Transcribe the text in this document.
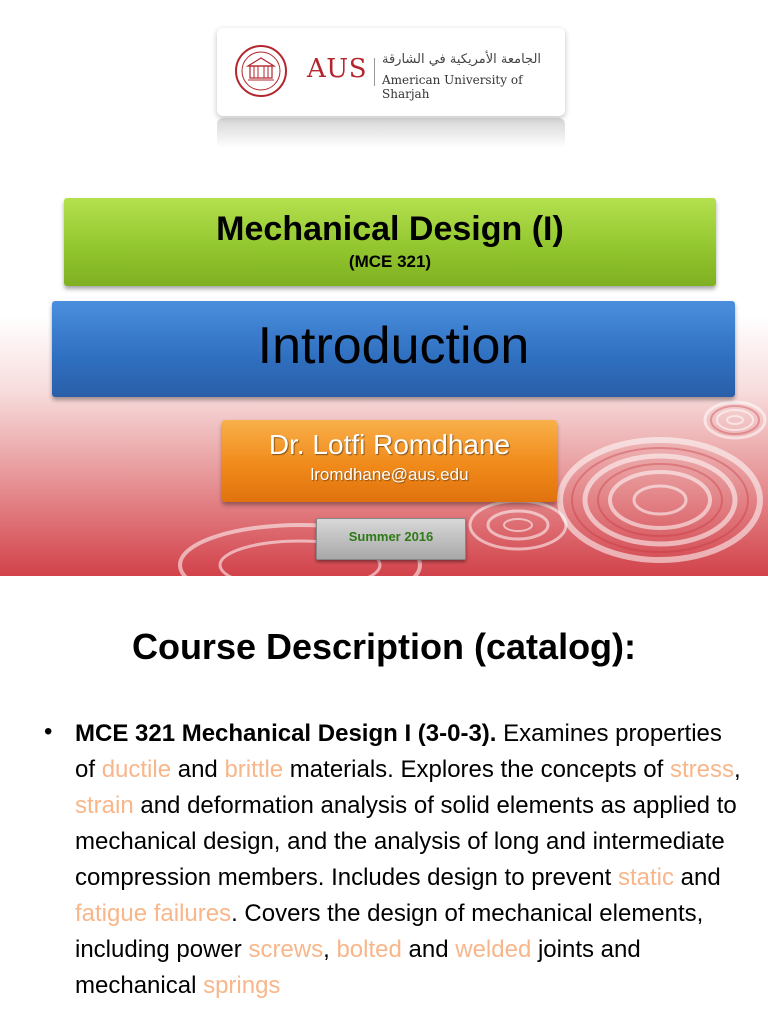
AUS الجامعة الأمريكية في الشارقة
American University of Sharjah
Mechanical Design (I)
(MCE 321)
Introduction
Dr. Lotfi Romdhane
lromdhane@aus.edu
Summer 2016
Course Description (catalog):
• MCE 321 Mechanical Design I (3-0-3). Examines properties of ductile and brittle materials. Explores the concepts of stress, strain and deformation analysis of solid elements as applied to mechanical design, and the analysis of long and intermediate compression members. Includes design to prevent static and fatigue failures. Covers the design of mechanical elements, including power screws, bolted and welded joints and mechanical springs
